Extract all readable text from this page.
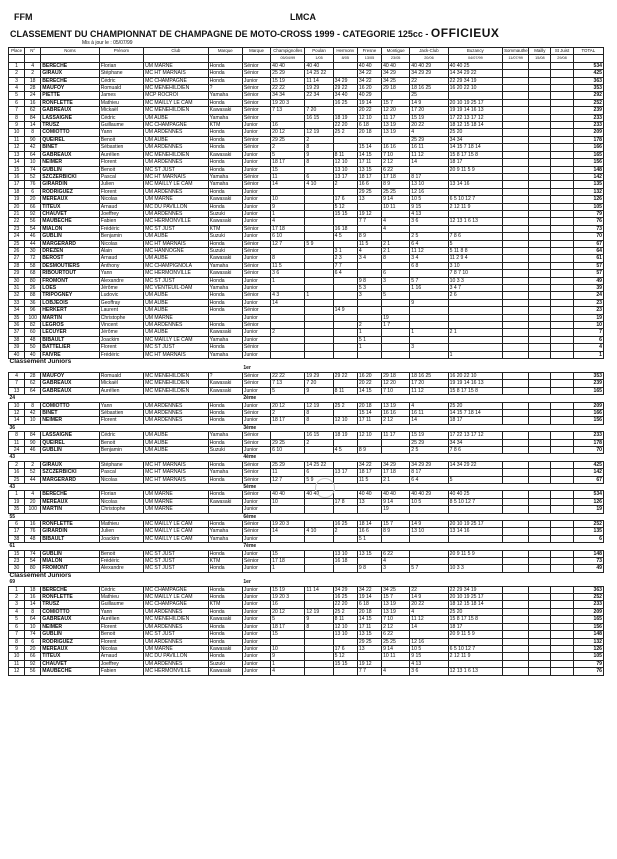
FFM	LMCA
CLASSEMENT DU CHAMPIONNAT DE CHAMPAGNE DE MOTO-CROSS 1999 - CATEGORIE 125cc - OFFICIEUX
Mis à jour le : 05/07/99
Place	N°	Noms	Prénom	Club	Marque	Marque	Champignolles	Poulan	Hermonv	Fresne	Montigue	Jack-Club	Buzancy	Sommauthe	Mailly	St Juist	TOTAL
							05/04/99	1/05	8/05	13/05	23/05	20/06	04/07/99	11/07/99	15/08	29/08	
1	4	BERECHE	Florian	UM MARNE	Honda	Sénior	40 40	40 40		40 40	40 40	40 40 29	40 40 25				534
2	2	GIRAUX	Stéphane	MC HT MARNAIS	Honda	Sénior	25 29	14 25 22		34 22	34 29	34 29 29	14 34 29 22				425
3	18	BERECHE	Cédric	MC CHAMPAGNE	Honda	Junior	15 19	11 14	34 29	34 22	34 25	22	22 29 34 19				363
4	28	MAUFOY	Romuald	MC MENEHILDIEN	?	Sénior	22 22	19 29	29 22	16 20	29 18	18 16 25	16 20 22 10				353
5	24	PIETTE	James	MCP ROCROI	Yamaha	Sénior	34 34	22 34	34 40	40 29		25					292
6	16	RONFLETTE	Mathieu	MC MAILLY LE CAM	Honda	Sénior	19 20 3		16 25	19 14	15 7	14 9	20 10 19 25 17				252
7	62	GABREAUX	Mickaël	MC MENEHILDIEN	Kawasaki	Sénior	7 13	7 20		20 22	12 20	17 20	19 19 14 16 13				239
8	84	LASSAIGNE	Cédric	UM AUBE	Yamaha	Sénior		16 15	18 19	12 10	11 17	15 19	17 22 13 17 12				233
9	14	TRUSZ	Guillaume	MC CHAMPAGNE	KTM	Junior	16		22 20	6 18	13 19	20 22	18 12 15 18 14				233
10	8	COMIOTTO	Yann	UM ARDENNES	Honda	Junior	20 12	12 19	25 2	20 18	13 19	4	25 20				209
11	90	QUEIREL	Benoit	UM AUBE	Honda	Sénior	29 25	2				25 29	34 34				178
12	42	BINET	Sébastien	UM ARDENNES	Honda	Sénior	2	8		15 14	16 16	16 11	14 15 7 18 14				166
13	64	GABREAUX	Aurélien	MC MENEHILDIEN	Kawasaki	Junior	5	9	8 11	14 15	7 10	11 12	15 8 17 15 8				165
14	10	NEIMER	Florent	UM ARDENNES	Honda	Junior	18 17	8	12 10	17 11	2 12	14	18 17				156
15	74	GUBLIN	Benoit	MC ST JUST	Honda	Junior	15		13 10	13 15	6 22		20 9 11 5 9				148
16	52	SZCZERBICKI	Pascal	MC HT MARNAIS	Yamaha	Sénior	11	6	13 17	18 17	17 18	8 17					142
17	76	GIRARDIN	Julien	MC MAILLY LE CAM	Yamaha	Sénior	14	4 10	2	16 6	8 9	13 10	13 14 16				135
18	6	RODRIGUEZ	Florent	UM ARDENNES	Honda	Junior				29 25	25 25	12 16					132
19	20	MEREAUX	Nicolas	UM MARNE	Kawasaki	Junior	10		17 6	13	9 14	10 5	6 5 10 12 7				126
20	66	TITEUX	Arnaud	MC DU PAVILLON	Honda	Junior	9		5 12		10 11	9 15	2 12 11 9				105
21	92	CHAUVET	Joeffrey	UM ARDENNES	Suzuki	Junior	1		15 15	19 12		4 13					79
22	56	MAUBECHE	Fabien	MC HERMONVILLE	Kawasaki	Junior	4			7 7	4	3 6	12 13 1 6 13				76
23	54	MIALON	Frédéric	MC ST JUST	KTM	Sénior	17 18		16 18		4						73
24	46	GUBLIN	Benjamin	UM AUBE	Suzuki	Junior	6 10		4 5	8 9		2 5	7 8 6				70
25	44	MARGERARD	Nicolas	MC HT MARNAIS	Honda	Sénior	12 7	5 9		11 5	2 1	6 4	5				67
26	30	DREZEN	Alain	MC HANNOGNE	Suzuki	Sénior			3 1	4	2 1	11 12	5 11 8 8				64
27	72	BEROST	Arnaud	UM AUBE	Kawasaki	Junior	8		2 3	3 4	8	3 4	11 2 9 4				61
28	58	DESMOUTIERS	Anthony	MC CHAMPIGNOLA	Yamaha	Sénior	11 5		7 7			6 8	3 10				57
29	68	RIBOURTOUT	Yann	MC HERMONVILLE	Kawasaki	Sénior	3 6		6 4		6		7 8 7 10				57
30	80	FROMONT	Alexandre	MC ST JUST	Honda	Junior	1			9 8	3	5 7	10 3 3				49
31	26	LOES	Jérôme	MC VENTEUIL-DAM	Yamaha	Junior				5 3		1 16	3 4 7				39
32	88	TRIPOGNEY	Ludovic	UM AUBE	Honda	Sénior	4 3	1		3	5		2 6				24
33	36	LOBJEOIS	Geoffray	UM AUBE	Honda	Junior	14					9					23
34	96	HERKERT	Laurent	UM AUBE	Honda	Sénior			14 9								23
35	100	MARTIN	Christophe	UM MARNE		Junior					19						19
36	82	LEGROS	Vincent	UM ARDENNES	Honda	Sénior				2	1 7						10
37	60	LECUYER	Jérôme	UM AUBE	Kawasaki	Junior	2			1		1	2 1				7
38	48	BIBAULT	Joackim	MC MAILLY LE CAM	Yamaha	Junior				5 1							6
39	50	BATTELIER	Florent	MC ST JUST	Honda	Sénior				1		3					4
40	40	FAIVRE	Frédéric	MC HT MARNAIS	Yamaha	Junior							1				1
Classement Juniors																	
						1er											
4	28	MAUFOY	Romuald	MC MENEHILDIEN	?	Sénior	22 22	19 29	29 22	16 20	29 18	18 16 25	16 20 22 10				353
7	62	GABREAUX	Mickaël	MC MENEHILDIEN	Kawasaki	Sénior	7 13	7 20		20 22	12 20	17 20	19 19 14 16 13				239
13	64	GABREAUX	Aurélien	MC MENEHILDIEN	Kawasaki	Junior	5	9	8 11	14 15	7 10	11 12	15 8 17 15 8				165
24						2ème											
10	8	COMIOTTO	Yann	UM ARDENNES	Honda	Junior	20 12	12 19	25 2	20 18	13 19	4	25 20				209
12	42	BINET	Sébastien	UM ARDENNES	Honda	Sénior	2	8		15 14	16 16	16 11	14 15 7 18 14				166
14	10	NEIMER	Florent	UM ARDENNES	Honda	Junior	18 17	8	12 10	17 11	2 12	14	18 17				156
36						3ème											
8	84	LASSAIGNE	Cédric	UM AUBE	Yamaha	Sénior		16 15	18 19	12 10	11 17	15 19	17 22 13 17 12				233
11	90	QUEIREL	Benoit	UM AUBE	Honda	Sénior	29 25	2				25 29	34 34				178
24	46	GUBLIN	Benjamin	UM AUBE	Suzuki	Junior	6 10		4 5	8 9		2 5	7 8 6				70
43						4ème											
2	2	GIRAUX	Stéphane	MC HT MARNAIS	Honda	Sénior	25 29	14 25 22		34 22	34 29	34 29 29	14 34 29 22				425
16	52	SZCZERBICKI	Pascal	MC HT MARNAIS	Yamaha	Sénior	11	6	13 17	18 17	17 18	8 17					142
25	44	MARGERARD	Nicolas	MC HT MARNAIS	Honda	Sénior	12 7	5 9		11 5	2 1	6 4	5				67
43						5ème											
1	4	BERECHE	Florian	UM MARNE	Honda	Sénior	40 40	40 40		40 40	40 40	40 40 29	40 40 25				534
19	20	MEREAUX	Nicolas	UM MARNE	Kawasaki	Junior	10		17 8	13	9 14	10 5	8 5 10 12 7				126
35	100	MARTIN	Christophe	UM MARNE		Junior					19						19
55						6ème											
6	16	RONFLETTE	Mathieu	MC MAILLY LE CAM	Honda	Sénior	19 20 3		16 25	18 14	15 7	14 9	20 10 19 25 17				252
17	76	GIRARDIN	Julien	MC MAILLY LE CAM	Yamaha	Sénior	14	4 10	2	16 6	8 9	13 10	13 14 16				135
38	48	BIBAULT	Joackim	MC MAILLY LE CAM	Yamaha	Junior				5 1							6
61						7ème											
15	74	GUBLIN	Benoit	MC ST JUST	Honda	Junior	15		13 10	13 15	6 22		20 9 11 5 9				148
23	54	MIALON	Frédéric	MC ST JUST	KTM	Sénior	17 18		16 18		4						73
30	80	FROMONT	Alexandre	MC ST JUST	Honda	Junior	1			9 8	3	5 7	10 3 3				49
Classement Juniors																	
69						1er											
1	18	BERECHE	Cédric	MC CHAMPAGNE	Honda	Junior	15 19	11 14	34 29	34 22	34 25	22	22 29 34 19				363
2	16	RONFLETTE	Mathieu	MC MAILLY LE CAM	Honda	Junior	19 20 3		16 25	19 14	15 7	14 9	20 10 19 25 17				252
3	14	TRUSZ	Guillaume	MC CHAMPAGNE	KTM	Junior	16		22 20	6 18	13 19	20 22	18 12 15 18 14				233
4	8	COMIOTTO	Yann	UM ARDENNES	Honda	Junior	20 12	12 19	25 2	20 18	13 19	4	25 20				209
5	64	GABREAUX	Aurélien	MC MENEHILDIEN	Kawasaki	Junior	5	9	8 11	14 15	7 10	11 12	15 8 17 15 8				165
6	10	NEIMER	Florent	UM ARDENNES	Honda	Junior	18 17	8	12 10	17 11	2 12	14	18 17				156
7	74	GUBLIN	Benoit	MC ST JUST	Honda	Junior	15		13 10	13 15	6 22		20 9 11 5 9				148
8	6	RODRIGUEZ	Florent	UM ARDENNES	Honda	Junior				29 25	25 25	12 16					132
9	20	MEREAUX	Nicolas	UM MARNE	Kawasaki	Junior	10		17 6	13	9 14	10 5	6 5 10 12 7				126
10	66	TITEUX	Arnaud	MC DU PAVILLON	Honda	Junior	9		5 12		10 11	9 15	2 12 11 9				105
11	92	CHAUVET	Joeffrey	UM ARDENNES	Suzuki	Junior	1		15 15	19 12		4 13					79
12	56	MAUBECHE	Fabien	MC HERMONVILLE	Kawasaki	Junior	4			7 7	4	3 6	12 13 1 6 13				76
